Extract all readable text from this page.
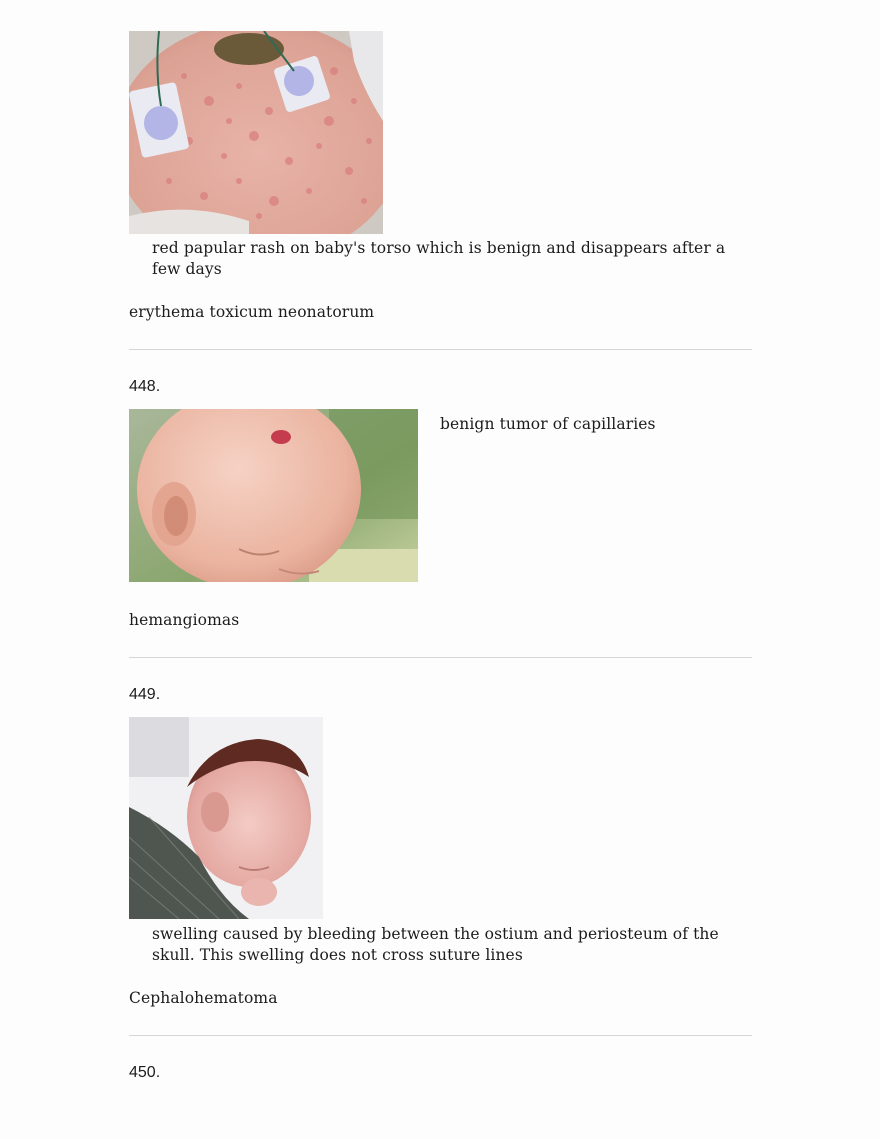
red papular rash on baby's torso which is benign and disappears after a few days
erythema toxicum neonatorum
448.
benign tumor of capillaries
hemangiomas
449.
swelling caused by bleeding between the ostium and periosteum of the skull. This swelling does not cross suture lines
Cephalohematoma
450.
